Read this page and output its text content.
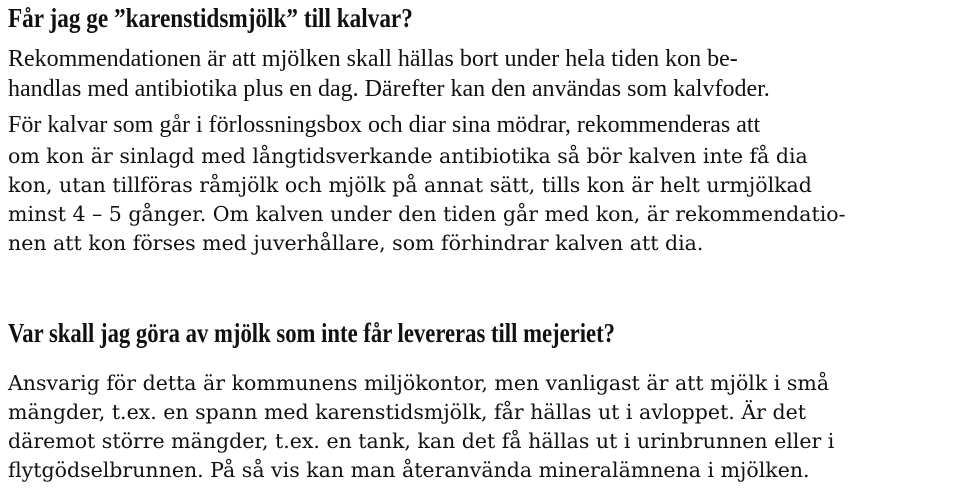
Får jag ge ”karenstidsmjölk” till kalvar?

Rekommendationen är att mjölken skall hällas bort under hela tiden kon be-

handlas med antibiotika plus en dag. Därefter kan den användas som kalvfoder.

För kalvar som går i förlossningsbox och diar sina mödrar, rekommenderas att

om kon är sinlagd med långtidsverkande antibiotika så bör kalven inte få dia

kon, utan tillföras råmjölk och mjölk på annat sätt, tills kon är helt urmjölkad

minst 4 – 5 gånger. Om kalven under den tiden går med kon, är rekommendatio-

nen att kon förses med juverhållare, som förhindrar kalven att dia.

Var skall jag göra av mjölk som inte får levereras till mejeriet?

Ansvarig för detta är kommunens miljökontor, men vanligast är att mjölk i små

mängder, t.ex. en spann med karenstidsmjölk, får hällas ut i avloppet. Är det

däremot större mängder, t.ex. en tank, kan det få hällas ut i urinbrunnen eller i

flytgödselbrunnen. På så vis kan man återanvända mineralämnena i mjölken.
